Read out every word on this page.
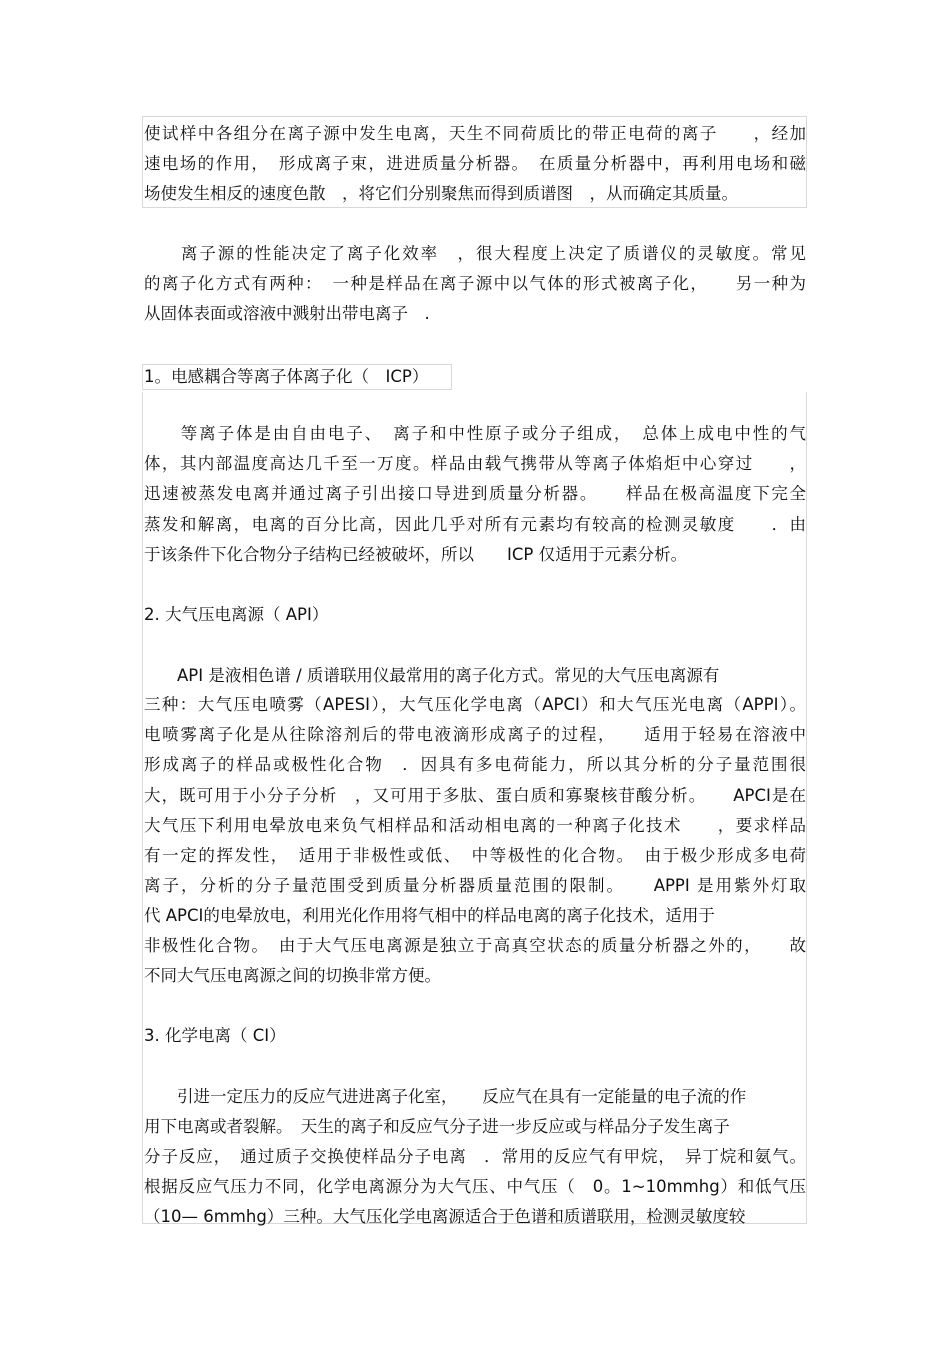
使试样中各组分在离子源中发生电离，天生不同荷质比的带正电荷的离子　　，经加
速电场的作用，　形成离子束，进进质量分析器。　在质量分析器中，再利用电场和磁
场使发生相反的速度色散　，将它们分别聚焦而得到质谱图　，从而确定其质量。
　　离子源的性能决定了离子化效率　，很大程度上决定了质谱仪的灵敏度。常见
的离子化方式有两种：　一种是样品在离子源中以气体的形式被离子化，　　另一种为
从固体表面或溶液中溅射出带电离子　.
1。电感耦合等离子体离子化（　ICP）
　　等离子体是由自由电子、　离子和中性原子或分子组成，　总体上成电中性的气
体，其内部温度高达几千至一万度。样品由载气携带从等离子体焰炬中心穿过　　，
迅速被蒸发电离并通过离子引出接口导进到质量分析器。　　样品在极高温度下完全
蒸发和解离，电离的百分比高，因此几乎对所有元素均有较高的检测灵敏度　　．由
于该条件下化合物分子结构已经被破坏，所以　　ICP 仅适用于元素分析。
2. 大气压电离源（ API）
　　API 是液相色谱 / 质谱联用仪最常用的离子化方式。常见的大气压电离源有
三种：大气压电喷雾（APESI），大气压化学电离（APCI）和大气压光电离（APPI）。
电喷雾离子化是从往除溶剂后的带电液滴形成离子的过程，　　适用于轻易在溶液中
形成离子的样品或极性化合物　．因具有多电荷能力，所以其分析的分子量范围很
大，既可用于小分子分析　，又可用于多肽、蛋白质和寡聚核苷酸分析。　　APCI是在
大气压下利用电晕放电来负气相样品和活动相电离的一种离子化技术　　，要求样品
有一定的挥发性，　适用于非极性或低、　中等极性的化合物。　由于极少形成多电荷
离子，分析的分子量范围受到质量分析器质量范围的限制。　　APPI 是用紫外灯取
代 APCI的电晕放电，利用光化作用将气相中的样品电离的离子化技术，适用于
非极性化合物。　由于大气压电离源是独立于高真空状态的质量分析器之外的，　　故
不同大气压电离源之间的切换非常方便。
3. 化学电离（ CI）
　　引进一定压力的反应气进进离子化室，　　反应气在具有一定能量的电子流的作
用下电离或者裂解。　天生的离子和反应气分子进一步反应或与样品分子发生离子
分子反应，　通过质子交换使样品分子电离　．常用的反应气有甲烷，　异丁烷和氨气。
根据反应气压力不同，化学电离源分为大气压、中气压（　0。1~10mmhg）和低气压
（10— 6mmhg）三种。大气压化学电离源适合于色谱和质谱联用，检测灵敏度较
